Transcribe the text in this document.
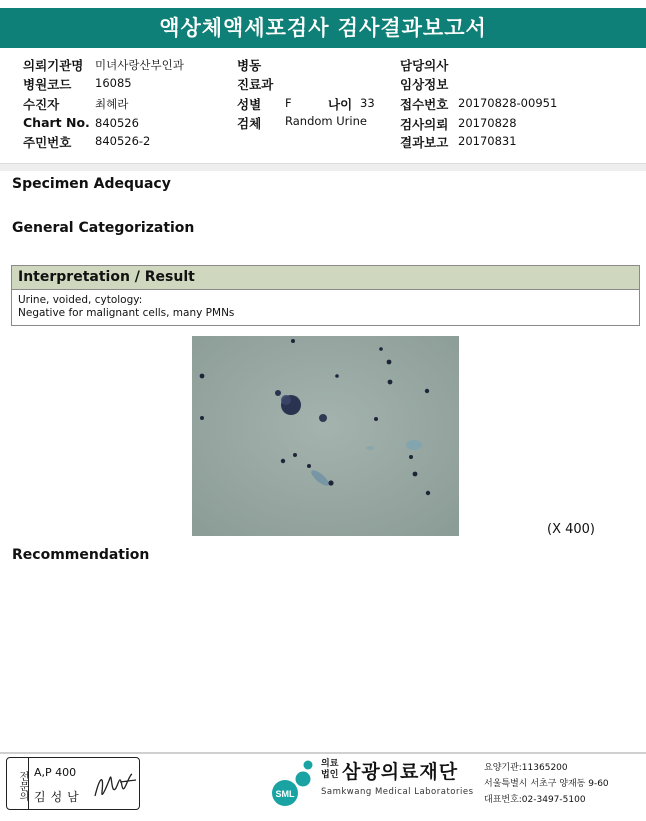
액상체액세포검사 검사결과보고서
의뢰기관명 미녀사랑산부인과
병원코드 16085
수진자	최혜라
Chart No. 840526
주민번호 840526-2
병동
진료과
성별 F	나이 33
검체 Random Urine
담당의사
임상정보
접수번호 20170828-00951
검사의뢰 20170828
결과보고 20170831
Specimen Adequacy
General Categorization
Interpretation / Result
Urine, voided, cytology:
Negative for malignant cells, many PMNs
(X 400)
Recommendation
전문의 A,P 400
김성남	SML
의료
법인 삼광의료재단
Samkwang Medical Laboratories
요양기관:11365200
서울특별시 서초구 양재동 9-60
대표번호:02-3497-5100
